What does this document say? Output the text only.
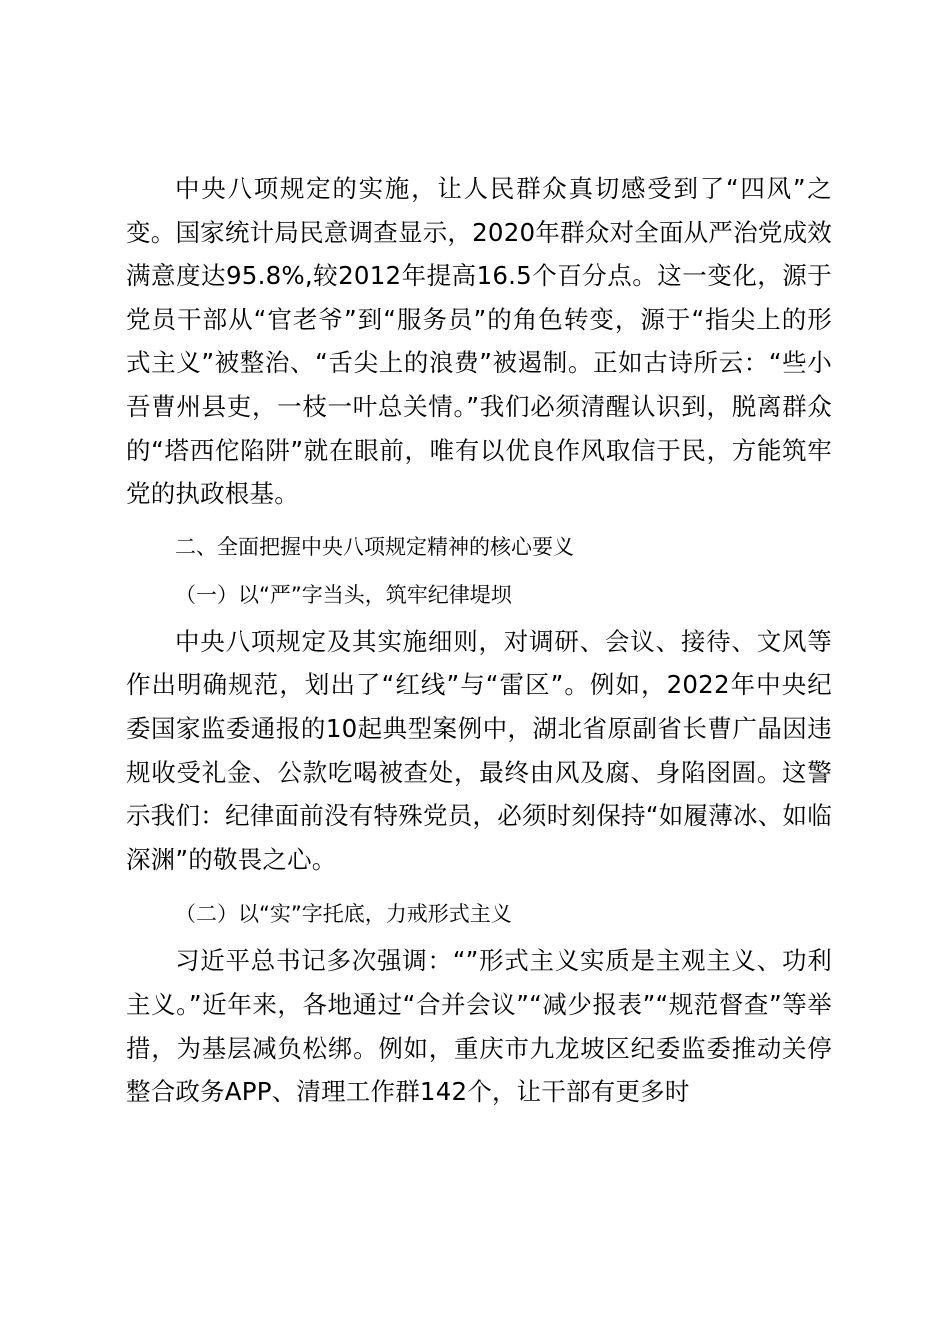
中央八项规定的实施，让人民群众真切感受到了“四风”之变。国家统计局民意调查显示，2020年群众对全面从严治党成效满意度达95.8%,较2012年提高16.5个百分点。这一变化，源于党员干部从“官老爷”到“服务员”的角色转变，源于“指尖上的形式主义”被整治、“舌尖上的浪费”被遏制。正如古诗所云：“些小吾曹州县吏，一枝一叶总关情。”我们必须清醒认识到，脱离群众的“塔西佗陷阱”就在眼前，唯有以优良作风取信于民，方能筑牢党的执政根基。

二、全面把握中央八项规定精神的核心要义

（一）以“严”字当头，筑牢纪律堤坝

中央八项规定及其实施细则，对调研、会议、接待、文风等作出明确规范，划出了“红线”与“雷区”。例如，2022年中央纪委国家监委通报的10起典型案例中，湖北省原副省长曹广晶因违规收受礼金、公款吃喝被查处，最终由风及腐、身陷囹圄。这警示我们：纪律面前没有特殊党员，必须时刻保持“如履薄冰、如临深渊”的敬畏之心。

（二）以“实”字托底，力戒形式主义

习近平总书记多次强调：“”形式主义实质是主观主义、功利主义。”近年来，各地通过“合并会议”“减少报表”“规范督查”等举措，为基层减负松绑。例如，重庆市九龙坡区纪委监委推动关停整合政务APP、清理工作群142个，让干部有更多时
